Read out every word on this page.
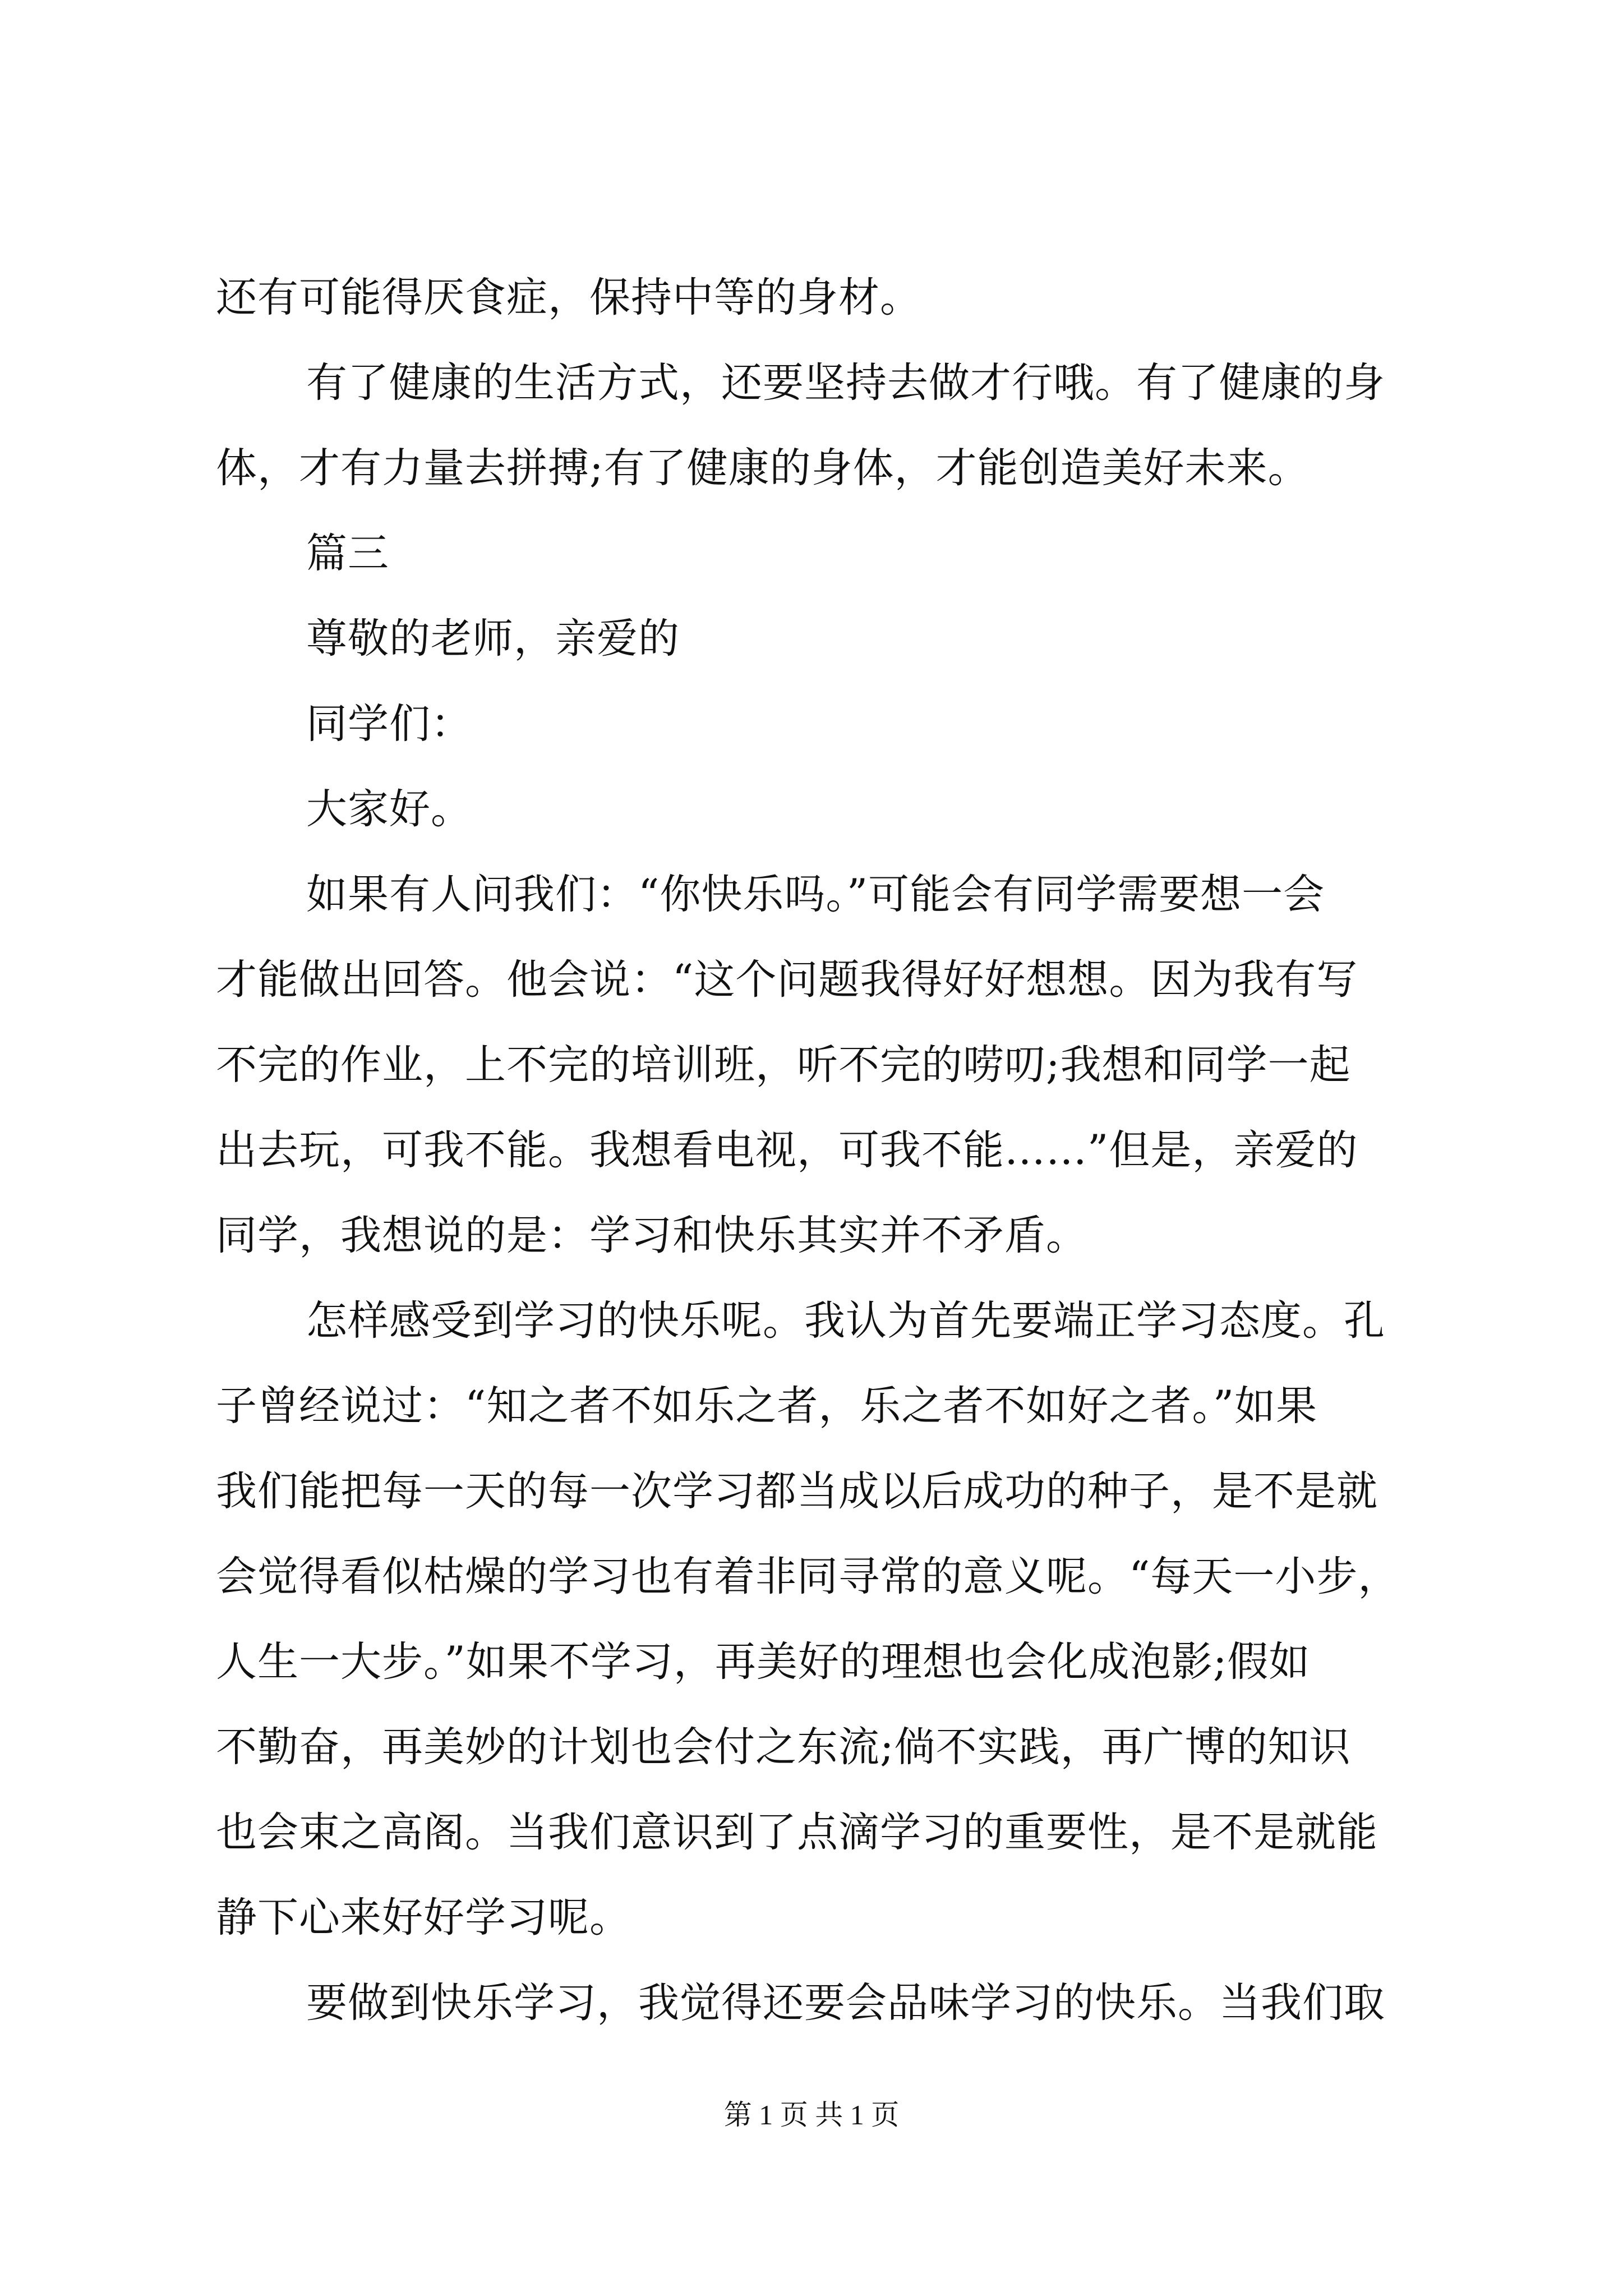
还有可能得厌食症，保持中等的身材。
有了健康的生活方式，还要坚持去做才行哦。有了健康的身
体，才有力量去拼搏;有了健康的身体，才能创造美好未来。
篇三
尊敬的老师，亲爱的
同学们：
大家好。
如果有人问我们：“你快乐吗。”可能会有同学需要想一会
才能做出回答。他会说：“这个问题我得好好想想。因为我有写
不完的作业，上不完的培训班，听不完的唠叨;我想和同学一起
出去玩，可我不能。我想看电视，可我不能……”但是，亲爱的
同学，我想说的是：学习和快乐其实并不矛盾。
怎样感受到学习的快乐呢。我认为首先要端正学习态度。孔
子曾经说过：“知之者不如乐之者，乐之者不如好之者。”如果
我们能把每一天的每一次学习都当成以后成功的种子，是不是就
会觉得看似枯燥的学习也有着非同寻常的意义呢。“每天一小步，
人生一大步。”如果不学习，再美好的理想也会化成泡影;假如
不勤奋，再美妙的计划也会付之东流;倘不实践，再广博的知识
也会束之高阁。当我们意识到了点滴学习的重要性，是不是就能
静下心来好好学习呢。
要做到快乐学习，我觉得还要会品味学习的快乐。当我们取
第 1 页 共 1 页
